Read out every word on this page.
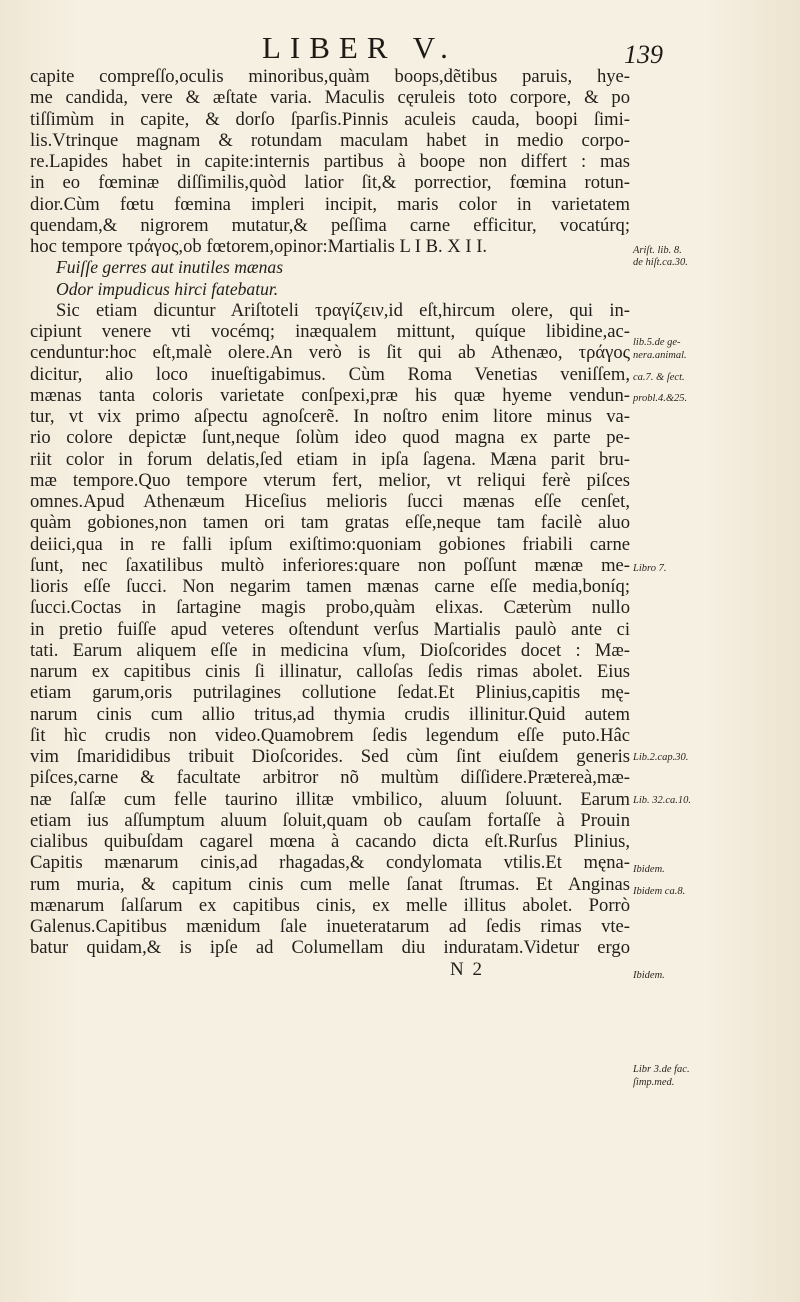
LIBER V.	139
capite compreſſo,oculis minoribus,quàm boops,dẽtibus paruis, hye-
me candida, vere & æſtate varia. Maculis cęruleis toto corpore, & po
tiſſimùm in capite, & dorſo ſparſis.Pinnis aculeis cauda, boopi ſimi-
lis.Vtrinque magnam & rotundam maculam habet in medio corpo-
re.Lapides habet in capite:internis partibus à boope non differt : mas
in eo fœminæ diſſimilis,quòd latior ſit,& porrectior, fœmina rotun-
dior.Cùm fœtu fœmina impleri incipit, maris color in varietatem
quendam,& nigrorem mutatur,& peſſima carne efficitur, vocatúrq;
hoc tempore τράγος,ob fœtorem,opinor:Martialis L I B. X I I.
Fuiſſe gerres aut inutiles mænas
Odor impudicus hirci fatebatur.
Sic etiam dicuntur Ariſtoteli τραγίζειν,id eſt,hircum olere, qui in-
cipiunt venere vti vocémq; inæqualem mittunt, quíque libidine,ac-
cenduntur:hoc eſt,malè olere.An verò is ſit qui ab Athenæo, τράγος
dicitur, alio loco inueſtigabimus. Cùm Roma Venetias veniſſem,
mænas tanta coloris varietate conſpexi,præ his quæ hyeme vendun-
tur, vt vix primo aſpectu agnoſcerẽ. In noſtro enim litore minus va-
rio colore depictæ ſunt,neque ſolùm ideo quod magna ex parte pe-
riit color in forum delatis,ſed etiam in ipſa ſagena. Mæna parit bru-
mæ tempore.Quo tempore vterum fert, melior, vt reliqui ferè piſces
omnes.Apud Athenæum Hiceſius melioris ſucci mænas eſſe cenſet,
quàm gobiones,non tamen ori tam gratas eſſe,neque tam facilè aluo
deiici,qua in re falli ipſum exiſtimo:quoniam gobiones friabili carne
ſunt, nec ſaxatilibus multò inferiores:quare non poſſunt mænæ me-
lioris eſſe ſucci. Non negarim tamen mænas carne eſſe media,boníq;
ſucci.Coctas in ſartagine magis probo,quàm elixas. Cæterùm nullo
in pretio fuiſſe apud veteres oſtendunt verſus Martialis paulò ante ci
tati. Earum aliquem eſſe in medicina vſum, Dioſcorides docet : Mæ-
narum ex capitibus cinis ſi illinatur, calloſas ſedis rimas abolet. Eius
etiam garum,oris putrilagines collutione ſedat.Et Plinius,capitis mę-
narum cinis cum allio tritus,ad thymia crudis illinitur.Quid autem
ſit hìc crudis non video.Quamobrem ſedis legendum eſſe puto.Hâc
vim ſmarididibus tribuit Dioſcorides. Sed cùm ſint eiuſdem generis
piſces,carne & facultate arbitror nõ multùm diſſidere.Prætereà,mæ-
næ ſalſæ cum felle taurino illitæ vmbilico, aluum ſoluunt. Earum
etiam ius aſſumptum aluum ſoluit,quam ob cauſam fortaſſe à Prouin
cialibus quibuſdam cagarel mœna à cacando dicta eſt.Rurſus Plinius,
Capitis mænarum cinis,ad rhagadas,& condylomata vtilis.Et męna-
rum muria, & capitum cinis cum melle ſanat ſtrumas. Et Anginas
mænarum ſalſarum ex capitibus cinis, ex melle illitus abolet. Porrò
Galenus.Capitibus mænidum ſale inueteratarum ad ſedis rimas vte-
batur quidam,& is ipſe ad Columellam diu induratam.Videtur ergo
N 2
Ariſt. lib. 8.
de hiſt.ca.30.
lib.5.de ge-
nera.animal.
ca.7. & ſect.
probl.4.&25.
Libro 7.
Lib.2.cap.30.
Lib. 32.ca.10.
Ibidem.
Ibidem ca.8.
Ibidem.
Libr 3.de fac.
ſimp.med.
